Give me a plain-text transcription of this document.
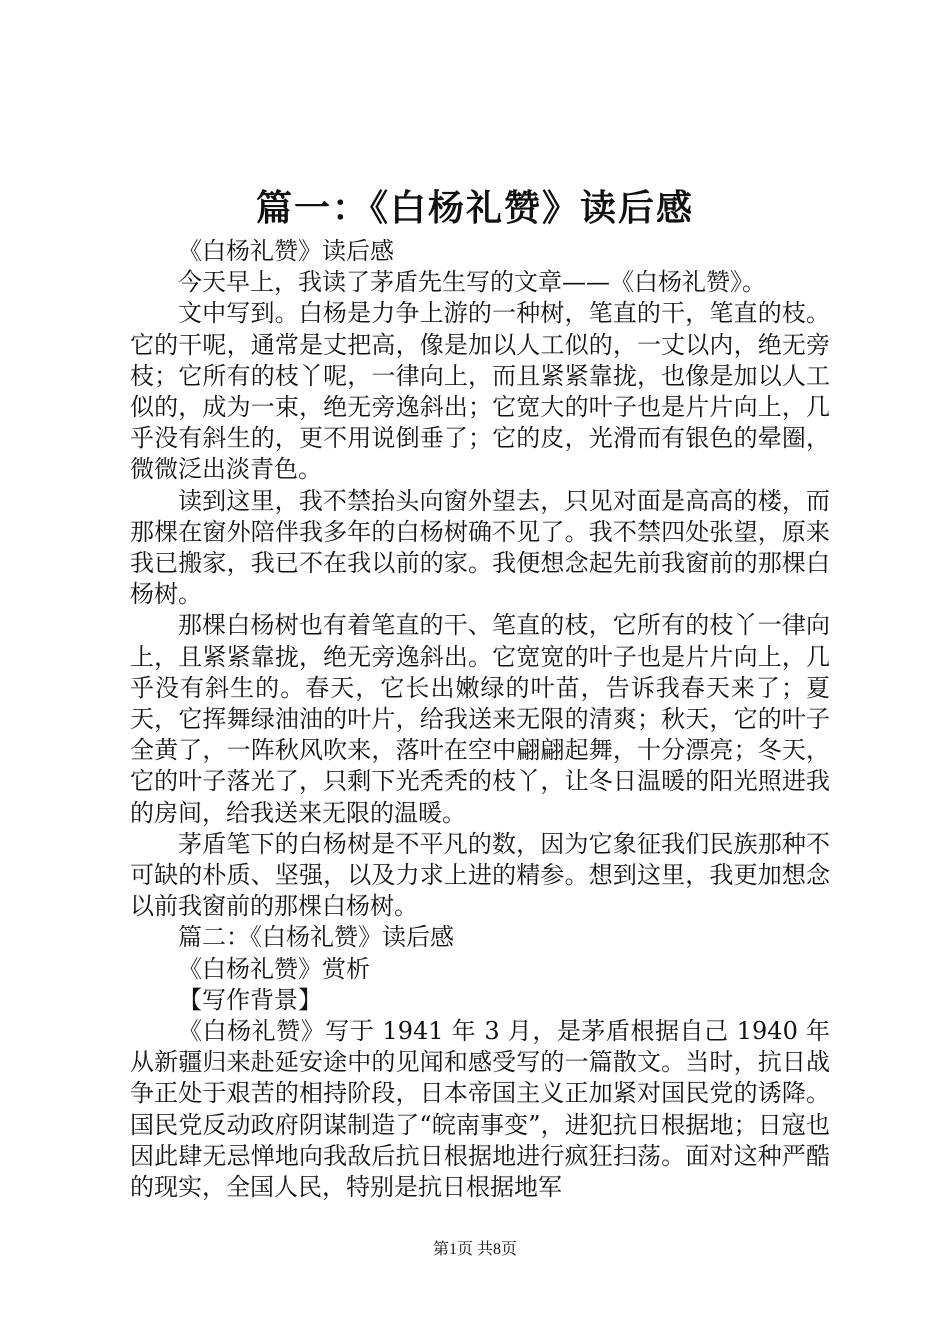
篇一：《白杨礼赞》读后感

《白杨礼赞》读后感

今天早上，我读了茅盾先生写的文章——《白杨礼赞》。

文中写到。白杨是力争上游的一种树，笔直的干，笔直的枝。它的干呢，通常是丈把高，像是加以人工似的，一丈以内，绝无旁枝；它所有的枝丫呢，一律向上，而且紧紧靠拢，也像是加以人工似的，成为一束，绝无旁逸斜出；它宽大的叶子也是片片向上，几乎没有斜生的，更不用说倒垂了；它的皮，光滑而有银色的晕圈，微微泛出淡青色。

读到这里，我不禁抬头向窗外望去，只见对面是高高的楼，而那棵在窗外陪伴我多年的白杨树确不见了。我不禁四处张望，原来我已搬家，我已不在我以前的家。我便想念起先前我窗前的那棵白杨树。

那棵白杨树也有着笔直的干、笔直的枝，它所有的枝丫一律向上，且紧紧靠拢，绝无旁逸斜出。它宽宽的叶子也是片片向上，几乎没有斜生的。春天，它长出嫩绿的叶苗，告诉我春天来了；夏天，它挥舞绿油油的叶片，给我送来无限的清爽；秋天，它的叶子全黄了，一阵秋风吹来，落叶在空中翩翩起舞，十分漂亮；冬天，它的叶子落光了，只剩下光秃秃的枝丫，让冬日温暖的阳光照进我的房间，给我送来无限的温暖。

茅盾笔下的白杨树是不平凡的数，因为它象征我们民族那种不可缺的朴质、坚强，以及力求上进的精参。想到这里，我更加想念以前我窗前的那棵白杨树。

篇二：《白杨礼赞》读后感

《白杨礼赞》赏析

【写作背景】

《白杨礼赞》写于 1941 年 3 月，是茅盾根据自己 1940 年从新疆归来赴延安途中的见闻和感受写的一篇散文。当时，抗日战争正处于艰苦的相持阶段，日本帝国主义正加紧对国民党的诱降。国民党反动政府阴谋制造了“皖南事变”，进犯抗日根据地；日寇也因此肆无忌惮地向我敌后抗日根据地进行疯狂扫荡。面对这种严酷的现实，全国人民，特别是抗日根据地军

第1页 共8页
